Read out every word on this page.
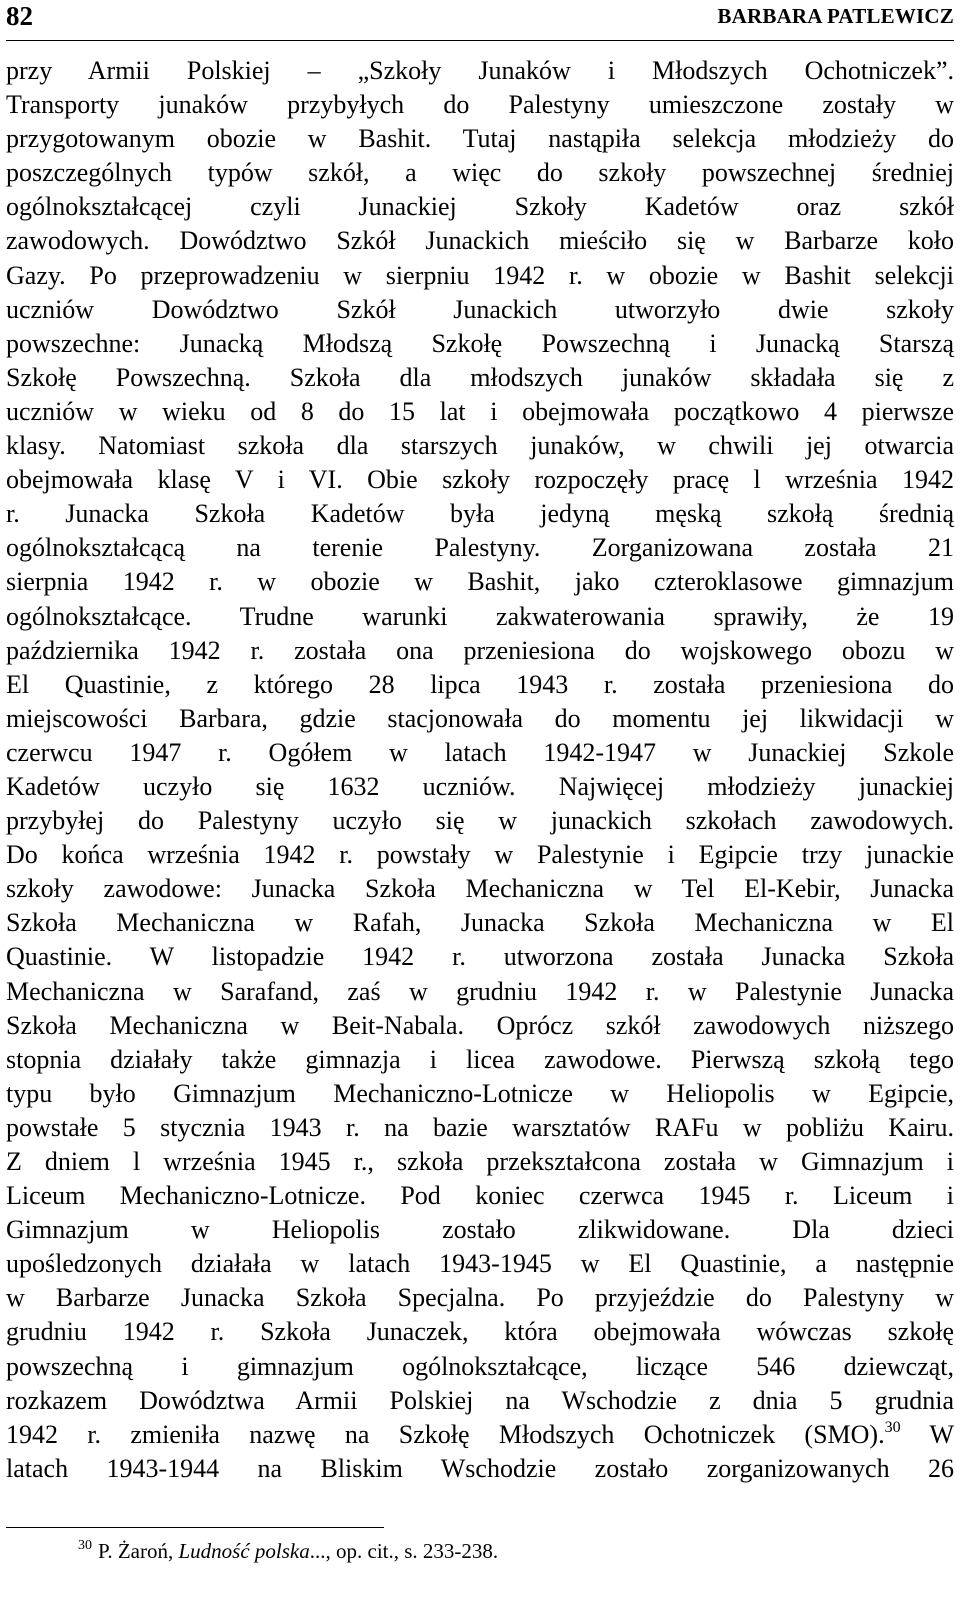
82	BARBARA PATLEWICZ
przy Armii Polskiej – „Szkoły Junaków i Młodszych Ochotniczek”.
Transporty junaków przybyłych do Palestyny umieszczone zostały w
przygotowanym obozie w Bashit. Tutaj nastąpiła selekcja młodzieży do
poszczególnych typów szkół, a więc do szkoły powszechnej średniej
ogólnokształcącej czyli Junackiej Szkoły Kadetów oraz szkół
zawodowych. Dowództwo Szkół Junackich mieściło się w Barbarze koło
Gazy. Po przeprowadzeniu w sierpniu 1942 r. w obozie w Bashit selekcji
uczniów Dowództwo Szkół Junackich utworzyło dwie szkoły
powszechne: Junacką Młodszą Szkołę Powszechną i Junacką Starszą
Szkołę Powszechną. Szkoła dla młodszych junaków składała się z
uczniów w wieku od 8 do 15 lat i obejmowała początkowo 4 pierwsze
klasy. Natomiast szkoła dla starszych junaków, w chwili jej otwarcia
obejmowała klasę V i VI. Obie szkoły rozpoczęły pracę l września 1942
r. Junacka Szkoła Kadetów była jedyną męską szkołą średnią
ogólnokształcącą na terenie Palestyny. Zorganizowana została 21
sierpnia 1942 r. w obozie w Bashit, jako czteroklasowe gimnazjum
ogólnokształcące. Trudne warunki zakwaterowania sprawiły, że 19
października 1942 r. została ona przeniesiona do wojskowego obozu w
El Quastinie, z którego 28 lipca 1943 r. została przeniesiona do
miejscowości Barbara, gdzie stacjonowała do momentu jej likwidacji w
czerwcu 1947 r. Ogółem w latach 1942-1947 w Junackiej Szkole
Kadetów uczyło się 1632 uczniów. Najwięcej młodzieży junackiej
przybyłej do Palestyny uczyło się w junackich szkołach zawodowych.
Do końca września 1942 r. powstały w Palestynie i Egipcie trzy junackie
szkoły zawodowe: Junacka Szkoła Mechaniczna w Tel El-Kebir, Junacka
Szkoła Mechaniczna w Rafah, Junacka Szkoła Mechaniczna w El
Quastinie. W listopadzie 1942 r. utworzona została Junacka Szkoła
Mechaniczna w Sarafand, zaś w grudniu 1942 r. w Palestynie Junacka
Szkoła Mechaniczna w Beit-Nabala. Oprócz szkół zawodowych niższego
stopnia działały także gimnazja i licea zawodowe. Pierwszą szkołą tego
typu było Gimnazjum Mechaniczno-Lotnicze w Heliopolis w Egipcie,
powstałe 5 stycznia 1943 r. na bazie warsztatów RAFu w pobliżu Kairu.
Z dniem l września 1945 r., szkoła przekształcona została w Gimnazjum i
Liceum Mechaniczno-Lotnicze. Pod koniec czerwca 1945 r. Liceum i
Gimnazjum w Heliopolis zostało zlikwidowane. Dla dzieci
upośledzonych działała w latach 1943-1945 w El Quastinie, a następnie
w Barbarze Junacka Szkoła Specjalna. Po przyjeździe do Palestyny w
grudniu 1942 r. Szkoła Junaczek, która obejmowała wówczas szkołę
powszechną i gimnazjum ogólnokształcące, liczące 546 dziewcząt,
rozkazem Dowództwa Armii Polskiej na Wschodzie z dnia 5 grudnia
1942 r. zmieniła nazwę na Szkołę Młodszych Ochotniczek (SMO).$^{30}$ W
latach 1943-1944 na Bliskim Wschodzie zostało zorganizowanych 26
$^{30}$ P. Żaroń, Ludność polska..., op. cit., s. 233-238.
